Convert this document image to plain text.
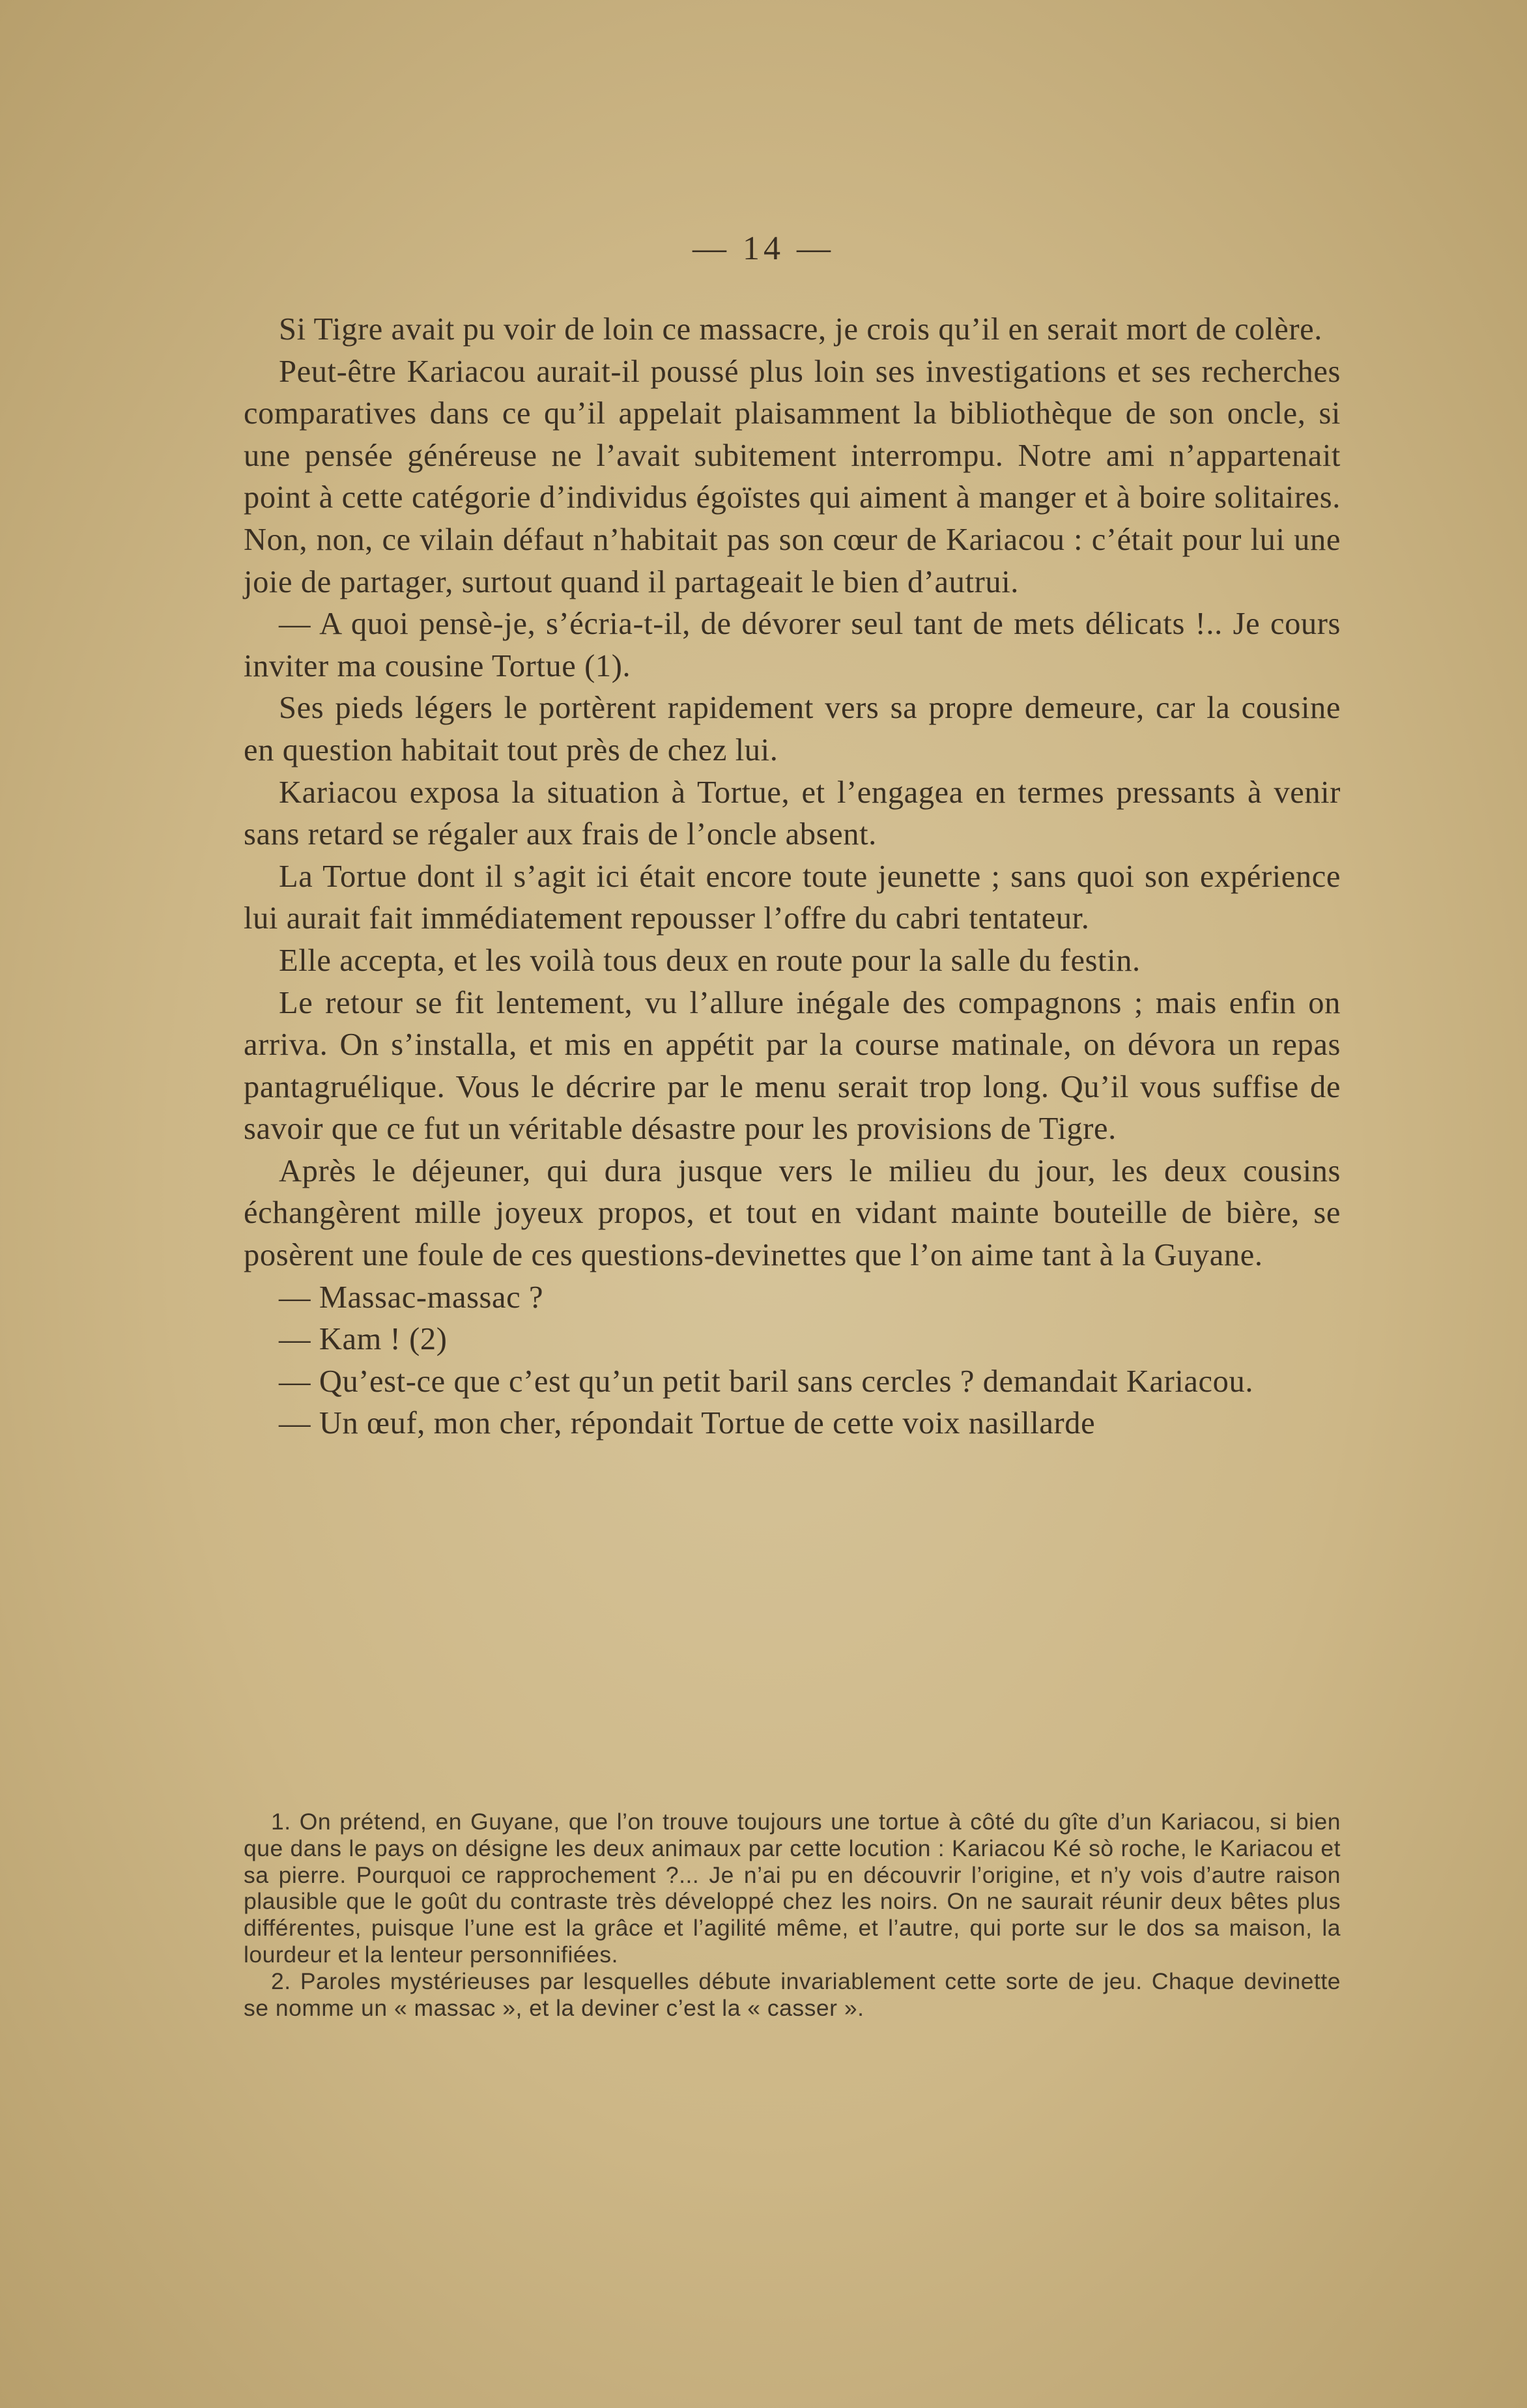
— 14 —

Si Tigre avait pu voir de loin ce massacre, je crois qu’il en serait mort de colère.

Peut-être Kariacou aurait-il poussé plus loin ses investigations et ses recherches comparatives dans ce qu’il appelait plaisamment la bibliothèque de son oncle, si une pensée généreuse ne l’avait subitement interrompu. Notre ami n’appartenait point à cette catégorie d’individus égoïstes qui aiment à manger et à boire solitaires. Non, non, ce vilain défaut n’habitait pas son cœur de Kariacou : c’était pour lui une joie de partager, surtout quand il partageait le bien d’autrui.

— A quoi pensè-je, s’écria-t-il, de dévorer seul tant de mets délicats !.. Je cours inviter ma cousine Tortue (1).

Ses pieds légers le portèrent rapidement vers sa propre demeure, car la cousine en question habitait tout près de chez lui.

Kariacou exposa la situation à Tortue, et l’engagea en termes pressants à venir sans retard se régaler aux frais de l’oncle absent.

La Tortue dont il s’agit ici était encore toute jeunette ; sans quoi son expérience lui aurait fait immédiatement repousser l’offre du cabri tentateur.

Elle accepta, et les voilà tous deux en route pour la salle du festin.

Le retour se fit lentement, vu l’allure inégale des compagnons ; mais enfin on arriva. On s’installa, et mis en appétit par la course matinale, on dévora un repas pantagruélique. Vous le décrire par le menu serait trop long. Qu’il vous suffise de savoir que ce fut un véritable désastre pour les provisions de Tigre.

Après le déjeuner, qui dura jusque vers le milieu du jour, les deux cousins échangèrent mille joyeux propos, et tout en vidant mainte bouteille de bière, se posèrent une foule de ces questions-devinettes que l’on aime tant à la Guyane.

— Massac-massac ?

— Kam ! (2)

— Qu’est-ce que c’est qu’un petit baril sans cercles ? demandait Kariacou.

— Un œuf, mon cher, répondait Tortue de cette voix nasillarde

1. On prétend, en Guyane, que l’on trouve toujours une tortue à côté du gîte d’un Kariacou, si bien que dans le pays on désigne les deux animaux par cette locution : Kariacou Ké sò roche, le Kariacou et sa pierre. Pourquoi ce rapprochement ?... Je n’ai pu en découvrir l’origine, et n’y vois d’autre raison plausible que le goût du contraste très développé chez les noirs. On ne saurait réunir deux bêtes plus différentes, puisque l’une est la grâce et l’agilité même, et l’autre, qui porte sur le dos sa maison, la lourdeur et la lenteur personnifiées.

2. Paroles mystérieuses par lesquelles débute invariablement cette sorte de jeu. Chaque devinette se nomme un « massac », et la deviner c’est la « casser ».
